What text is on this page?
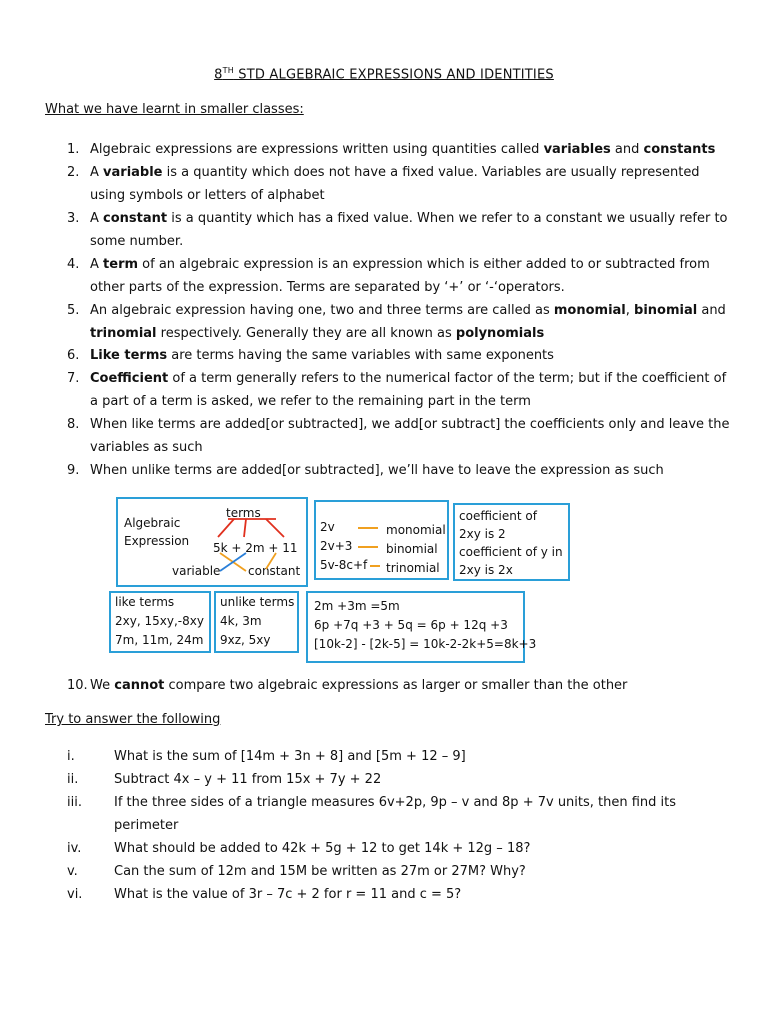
8TH STD ALGEBRAIC EXPRESSIONS AND IDENTITIES
What we have learnt in smaller classes:
1. Algebraic expressions are expressions written using quantities called variables and constants
2. A variable is a quantity which does not have a fixed value. Variables are usually represented using symbols or letters of alphabet
3. A constant is a quantity which has a fixed value. When we refer to a constant we usually refer to some number.
4. A term of an algebraic expression is an expression which is either added to or subtracted from other parts of the expression. Terms are separated by ‘+’ or ‘-‘operators.
5. An algebraic expression having one, two and three terms are called as monomial, binomial and trinomial respectively. Generally they are all known as polynomials
6. Like terms are terms having the same variables with same exponents
7. Coefficient of a term generally refers to the numerical factor of the term; but if the coefficient of a part of a term is asked, we refer to the remaining part in the term
8. When like terms are added[or subtracted], we add[or subtract] the coefficients only and leave the variables as such
9. When unlike terms are added[or subtracted], we’ll have to leave the expression as such
Algebraic
Expression
terms
5k + 2m + 11
variable constant
2v
2v+3
5v-8c+f
monomial
binomial
trinomial
coefficient of
2xy is 2
coefficient of y in
2xy is 2x
like terms
2xy, 15xy,-8xy
7m, 11m, 24m
unlike terms
4k, 3m
9xz, 5xy
2m +3m =5m
6p +7q +3 + 5q = 6p + 12q +3
[10k-2] - [2k-5] = 10k-2-2k+5=8k+3
10. We cannot compare two algebraic expressions as larger or smaller than the other
Try to answer the following
i.	What is the sum of [14m + 3n + 8] and [5m + 12 – 9]
ii.	Subtract 4x – y + 11 from 15x + 7y + 22
iii. If the three sides of a triangle measures 6v+2p, 9p – v and 8p + 7v units, then find its perimeter
iv.	What should be added to 42k + 5g + 12 to get 14k + 12g – 18?
v.	Can the sum of 12m and 15M be written as 27m or 27M? Why?
vi. What is the value of 3r – 7c + 2 for r = 11 and c = 5?
